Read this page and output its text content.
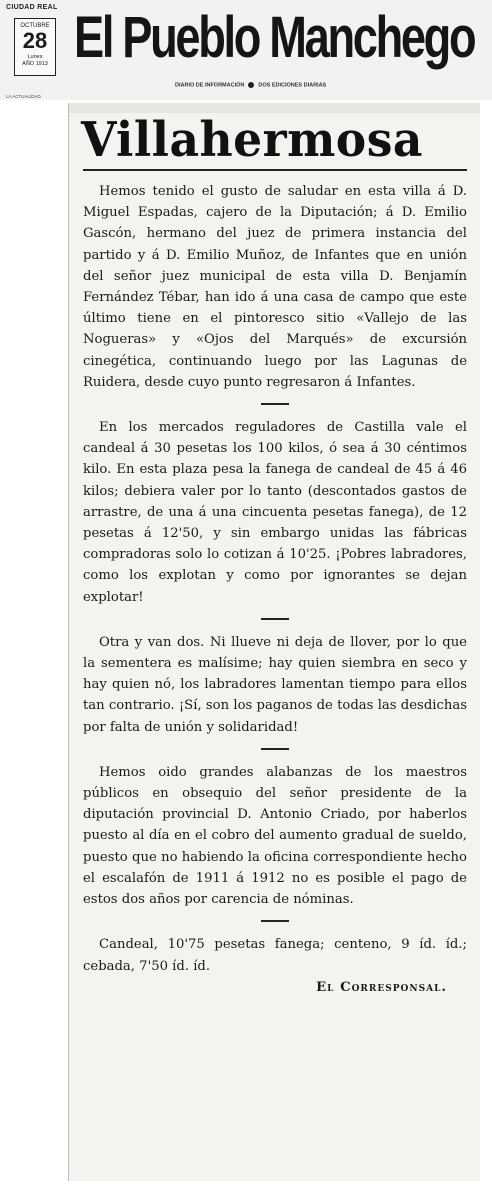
CIUDAD REAL
OCTUBRE
28
Lunes
AÑO 1913 El Pueblo Manchego
DIARIO DE INFORMACIÓN	DOS EDICIONES DIARIAS
LA ACTUALIDAD
Villahermosa

Hemos tenido el gusto de saludar en esta villa á D. Miguel Espadas, cajero de la Diputación; á D. Emilio Gascón, hermano del juez de primera instancia del partido y á D. Emilio Muñoz, de Infantes que en unión del señor juez municipal de esta villa D. Benjamín Fernández Tébar, han ido á una casa de campo que este último tiene en el pintoresco sitio «Vallejo de las Nogueras» y «Ojos del Marqués» de excursión cinegética, continuando luego por las Lagunas de Ruidera, desde cuyo punto regresaron á Infantes.

En los mercados reguladores de Castilla vale el candeal á 30 pesetas los 100 kilos, ó sea á 30 céntimos kilo. En esta plaza pesa la fanega de candeal de 45 á 46 kilos; debiera valer por lo tanto (descontados gastos de arrastre, de una á una cincuenta pesetas fanega), de 12 pesetas á 12'50, y sin embargo unidas las fábricas compradoras solo lo cotizan á 10'25. ¡Pobres labradores, como los explotan y como por ignorantes se dejan explotar!

Otra y van dos. Ni llueve ni deja de llover, por lo que la sementera es malísime; hay quien siembra en seco y hay quien nó, los labradores lamentan tiempo para ellos tan contrario. ¡Sí, son los paganos de todas las desdichas por falta de unión y solidaridad!

Hemos oido grandes alabanzas de los maestros públicos en obsequio del señor presidente de la diputación provincial D. Antonio Criado, por haberlos puesto al día en el cobro del aumento gradual de sueldo, puesto que no habiendo la oficina correspondiente hecho el escalafón de 1911 á 1912 no es posible el pago de estos dos años por carencia de nóminas.

Candeal, 10'75 pesetas fanega; centeno, 9 íd. íd.; cebada, 7'50 íd. íd.

El Corresponsal.
